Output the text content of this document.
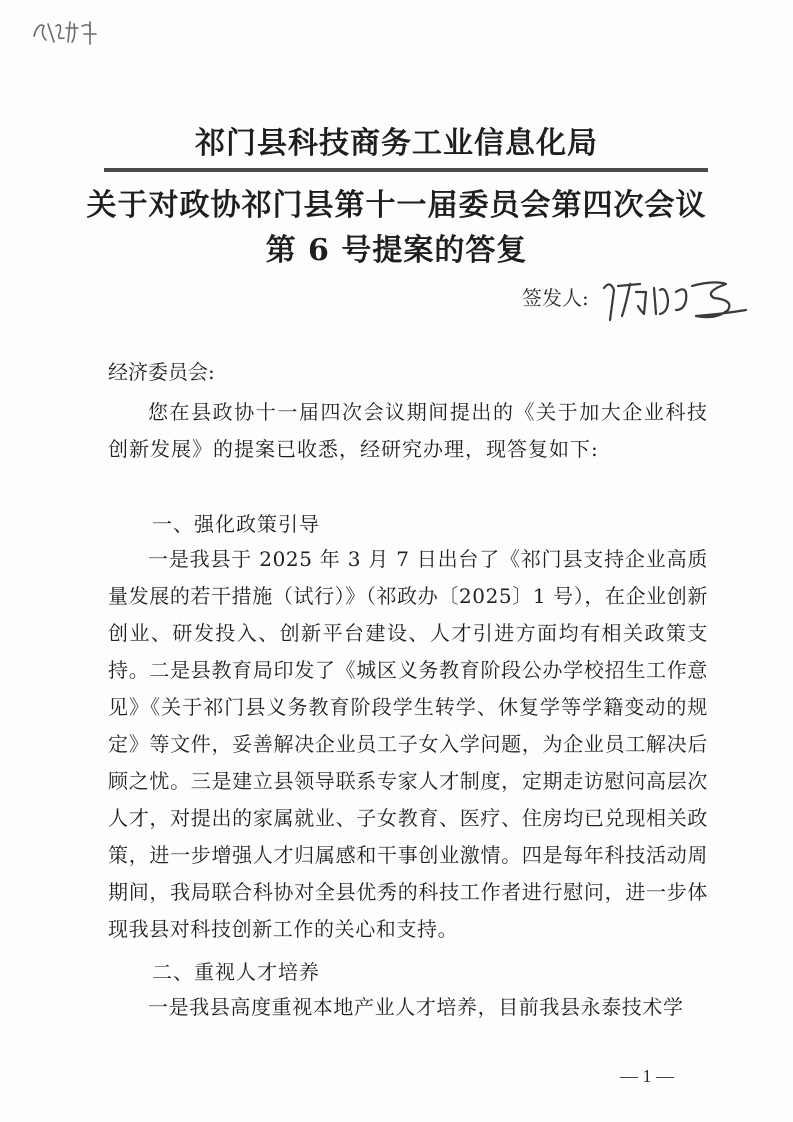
祁门县科技商务工业信息化局
关于对政协祁门县第十一届委员会第四次会议
第 6 号提案的答复
签发人:
经济委员会:
您在县政协十一届四次会议期间提出的《关于加大企业科技创新发展》的提案已收悉，经研究办理，现答复如下:
一、强化政策引导
一是我县于 2025 年 3 月 7 日出台了《祁门县支持企业高质量发展的若干措施（试行）》（祁政办〔2025〕1 号），在企业创新创业、研发投入、创新平台建设、人才引进方面均有相关政策支持。二是县教育局印发了《城区义务教育阶段公办学校招生工作意见》《关于祁门县义务教育阶段学生转学、休复学等学籍变动的规定》等文件，妥善解决企业员工子女入学问题，为企业员工解决后顾之忧。三是建立县领导联系专家人才制度，定期走访慰问高层次人才，对提出的家属就业、子女教育、医疗、住房均已兑现相关政策，进一步增强人才归属感和干事创业激情。四是每年科技活动周期间，我局联合科协对全县优秀的科技工作者进行慰问，进一步体现我县对科技创新工作的关心和支持。
二、重视人才培养
一是我县高度重视本地产业人才培养，目前我县永泰技术学
— 1 —
